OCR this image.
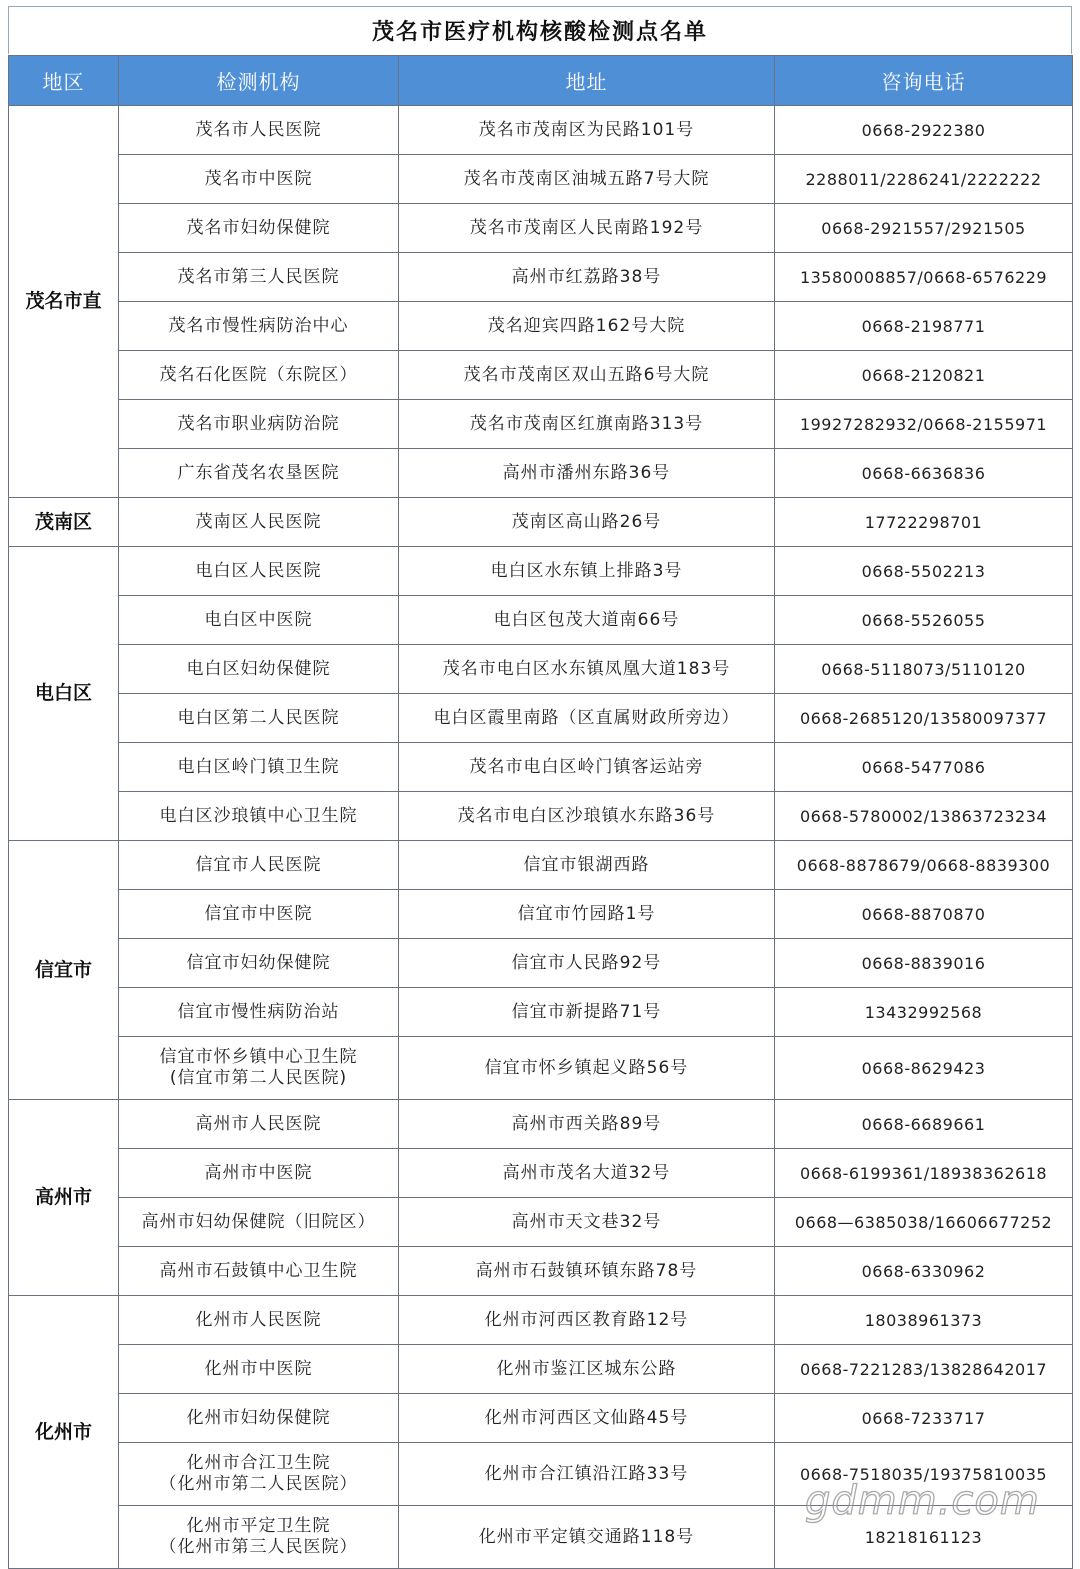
茂名市医疗机构核酸检测点名单
地区	检测机构	地址	咨询电话
茂名市直	茂名市人民医院	茂名市茂南区为民路101号	0668-2922380

	茂名市中医院	茂名市茂南区油城五路7号大院	2288011/2286241/2222222

	茂名市妇幼保健院	茂名市茂南区人民南路192号	0668-2921557/2921505

	茂名市第三人民医院	高州市红荔路38号	13580008857/0668-6576229

	茂名市慢性病防治中心	茂名迎宾四路162号大院	0668-2198771

	茂名石化医院（东院区）	茂名市茂南区双山五路6号大院	0668-2120821

	茂名市职业病防治院	茂名市茂南区红旗南路313号	19927282932/0668-2155971

	广东省茂名农垦医院	高州市潘州东路36号	0668-6636836
茂南区	茂南区人民医院	茂南区高山路26号	17722298701
电白区	电白区人民医院	电白区水东镇上排路3号	0668-5502213

	电白区中医院	电白区包茂大道南66号	0668-5526055

	电白区妇幼保健院	茂名市电白区水东镇凤凰大道183号	0668-5118073/5110120

	电白区第二人民医院	电白区霞里南路（区直属财政所旁边）	0668-2685120/13580097377

	电白区岭门镇卫生院	茂名市电白区岭门镇客运站旁	0668-5477086

	电白区沙琅镇中心卫生院	茂名市电白区沙琅镇水东路36号	0668-5780002/13863723234
信宜市	信宜市人民医院	信宜市银湖西路	0668-8878679/0668-8839300

	信宜市中医院	信宜市竹园路1号	0668-8870870

	信宜市妇幼保健院	信宜市人民路92号	0668-8839016

	信宜市慢性病防治站	信宜市新提路71号	13432992568

	信宜市怀乡镇中心卫生院
(信宜市第二人民医院)	信宜市怀乡镇起义路56号	0668-8629423
高州市	高州市人民医院	高州市西关路89号	0668-6689661

	高州市中医院	高州市茂名大道32号	0668-6199361/18938362618

	高州市妇幼保健院（旧院区）	高州市天文巷32号	0668—6385038/16606677252

	高州市石鼓镇中心卫生院	高州市石鼓镇环镇东路78号	0668-6330962
化州市	化州市人民医院	化州市河西区教育路12号	18038961373

	化州市中医院	化州市鉴江区城东公路	0668-7221283/13828642017

	化州市妇幼保健院	化州市河西区文仙路45号	0668-7233717

	化州市合江卫生院
（化州市第二人民医院）	化州市合江镇沿江路33号	0668-7518035/19375810035

	化州市平定卫生院
（化州市第三人民医院）	化州市平定镇交通路118号	18218161123
gdmm.com
